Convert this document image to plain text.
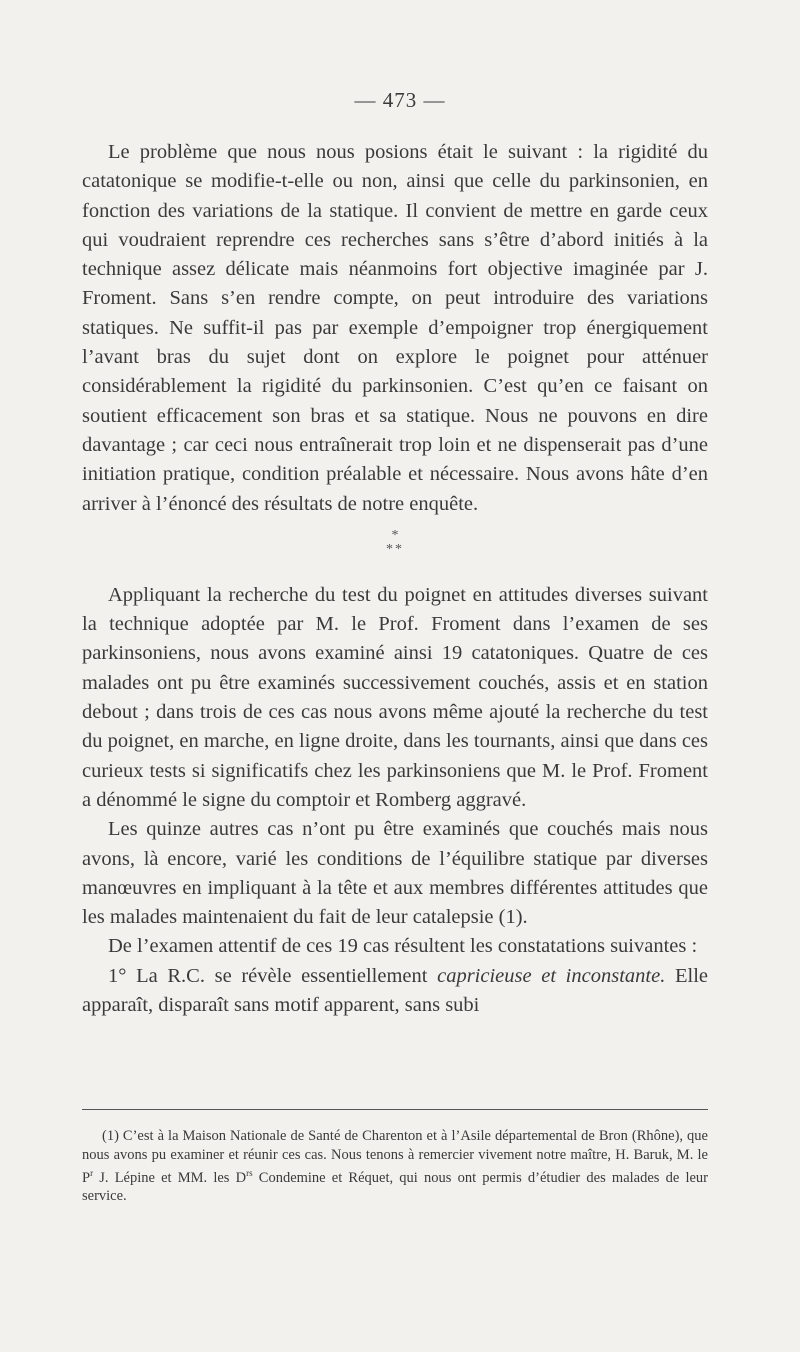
— 473 —

Le problème que nous nous posions était le suivant : la rigidité du catatonique se modifie-t-elle ou non, ainsi que celle du parkinsonien, en fonction des variations de la statique. Il convient de mettre en garde ceux qui voudraient reprendre ces recherches sans s’être d’abord initiés à la technique assez délicate mais néanmoins fort objective imaginée par J. Froment. Sans s’en rendre compte, on peut introduire des variations statiques. Ne suffit-il pas par exemple d’empoigner trop énergiquement l’avant bras du sujet dont on explore le poignet pour atténuer considérablement la rigidité du parkinsonien. C’est qu’en ce faisant on soutient efficacement son bras et sa statique. Nous ne pouvons en dire davantage ; car ceci nous entraînerait trop loin et ne dispenserait pas d’une initiation pratique, condition préalable et nécessaire. Nous avons hâte d’en arriver à l’énoncé des résultats de notre enquête.

*
**

Appliquant la recherche du test du poignet en attitudes diverses suivant la technique adoptée par M. le Prof. Froment dans l’examen de ses parkinsoniens, nous avons examiné ainsi 19 catatoniques. Quatre de ces malades ont pu être examinés successivement couchés, assis et en station debout ; dans trois de ces cas nous avons même ajouté la recherche du test du poignet, en marche, en ligne droite, dans les tournants, ainsi que dans ces curieux tests si significatifs chez les parkinsoniens que M. le Prof. Froment a dénommé le signe du comptoir et Romberg aggravé.

Les quinze autres cas n’ont pu être examinés que couchés mais nous avons, là encore, varié les conditions de l’équilibre statique par diverses manœuvres en impliquant à la tête et aux membres différentes attitudes que les malades maintenaient du fait de leur catalepsie (1).

De l’examen attentif de ces 19 cas résultent les constatations suivantes :

1° La R.C. se révèle essentiellement capricieuse et inconstante. Elle apparaît, disparaît sans motif apparent, sans subi

(1) C’est à la Maison Nationale de Santé de Charenton et à l’Asile départemental de Bron (Rhône), que nous avons pu examiner et réunir ces cas. Nous tenons à remercier vivement notre maître, H. Baruk, M. le $P^r$ J. Lépine et MM. les $D^{rs}$ Condemine et Réquet, qui nous ont permis d’étudier des malades de leur service.
